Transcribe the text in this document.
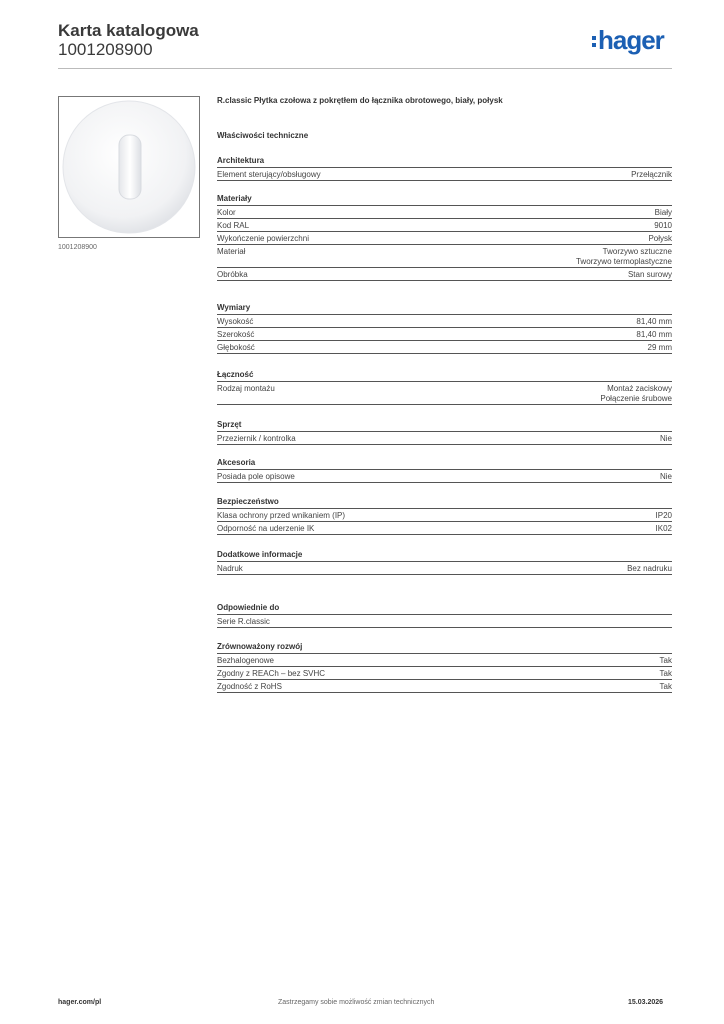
Karta katalogowa
1001208900	hager
1001208900
R.classic Płytka czołowa z pokrętłem do łącznika obrotowego, biały, połysk
Właściwości techniczne
Architektura
Element sterujący/obsługowy	Przełącznik
Materiały
Kolor	Biały
Kod RAL	9010
Wykończenie powierzchni	Połysk
Materiał	Tworzywo sztuczne
Tworzywo termoplastyczne
Obróbka	Stan surowy
Wymiary
Wysokość	81,40 mm
Szerokość	81,40 mm
Głębokość	29 mm
Łączność
Rodzaj montażu	Montaż zaciskowy
Połączenie śrubowe
Sprzęt
Przeziernik / kontrolka	Nie
Akcesoria
Posiada pole opisowe	Nie
Bezpieczeństwo
Klasa ochrony przed wnikaniem (IP)	IP20
Odporność na uderzenie IK	IK02
Dodatkowe informacje
Nadruk	Bez nadruku
Odpowiednie do
Serie R.classic
Zrównoważony rozwój
Bezhalogenowe	Tak
Zgodny z REACh – bez SVHC	Tak
Zgodność z RoHS	Tak
hager.com/pl	Zastrzegamy sobie możliwość zmian technicznych	15.03.2026
